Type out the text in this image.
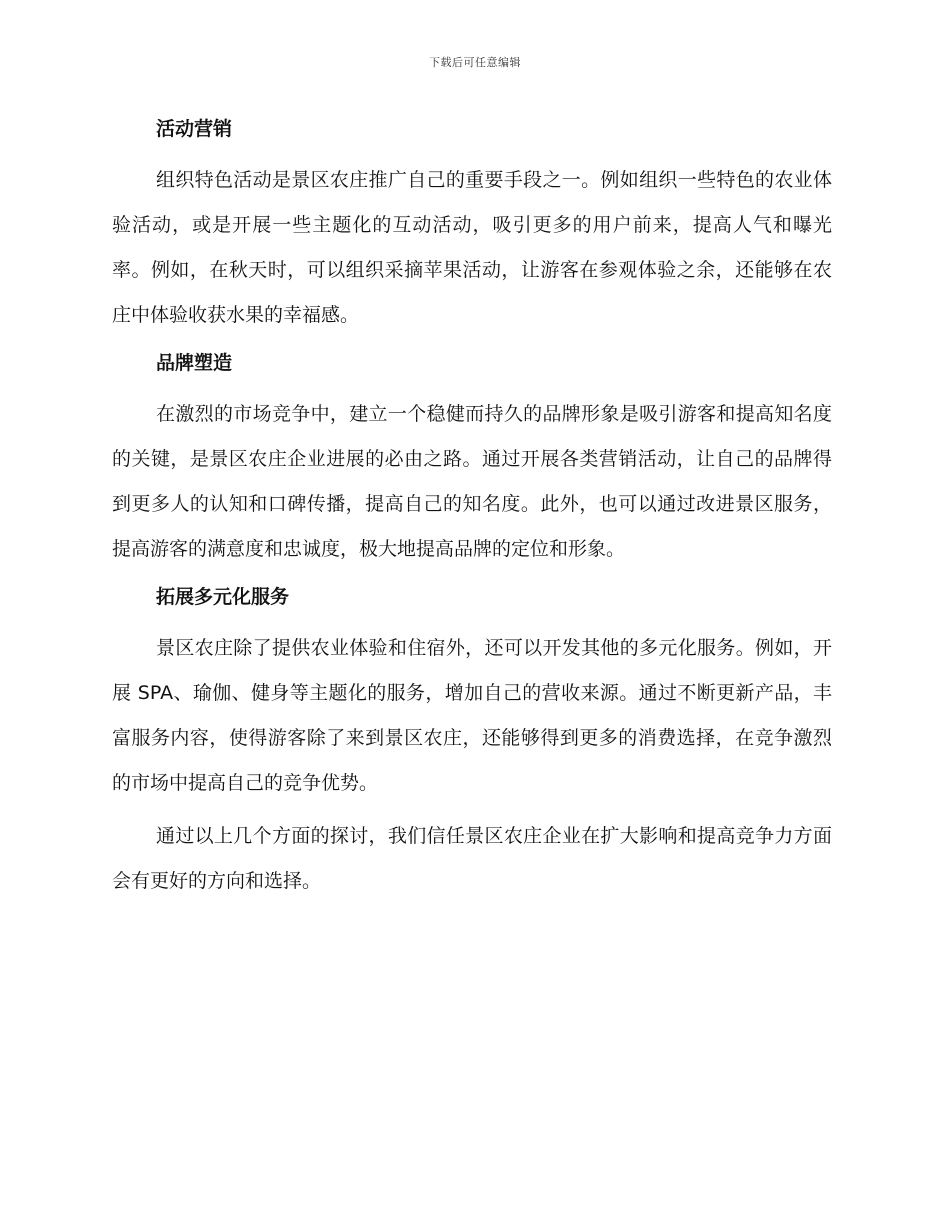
下载后可任意编辑
活动营销

组织特色活动是景区农庄推广自己的重要手段之一。例如组织一些特色的农业体验活动，或是开展一些主题化的互动活动，吸引更多的用户前来，提高人气和曝光率。例如，在秋天时，可以组织采摘苹果活动，让游客在参观体验之余，还能够在农庄中体验收获水果的幸福感。

品牌塑造

在激烈的市场竞争中，建立一个稳健而持久的品牌形象是吸引游客和提高知名度的关键，是景区农庄企业进展的必由之路。通过开展各类营销活动，让自己的品牌得到更多人的认知和口碑传播，提高自己的知名度。此外，也可以通过改进景区服务，提高游客的满意度和忠诚度，极大地提高品牌的定位和形象。

拓展多元化服务

景区农庄除了提供农业体验和住宿外，还可以开发其他的多元化服务。例如，开展 SPA、瑜伽、健身等主题化的服务，增加自己的营收来源。通过不断更新产品，丰富服务内容，使得游客除了来到景区农庄，还能够得到更多的消费选择，在竞争激烈的市场中提高自己的竞争优势。

通过以上几个方面的探讨，我们信任景区农庄企业在扩大影响和提高竞争力方面会有更好的方向和选择。
